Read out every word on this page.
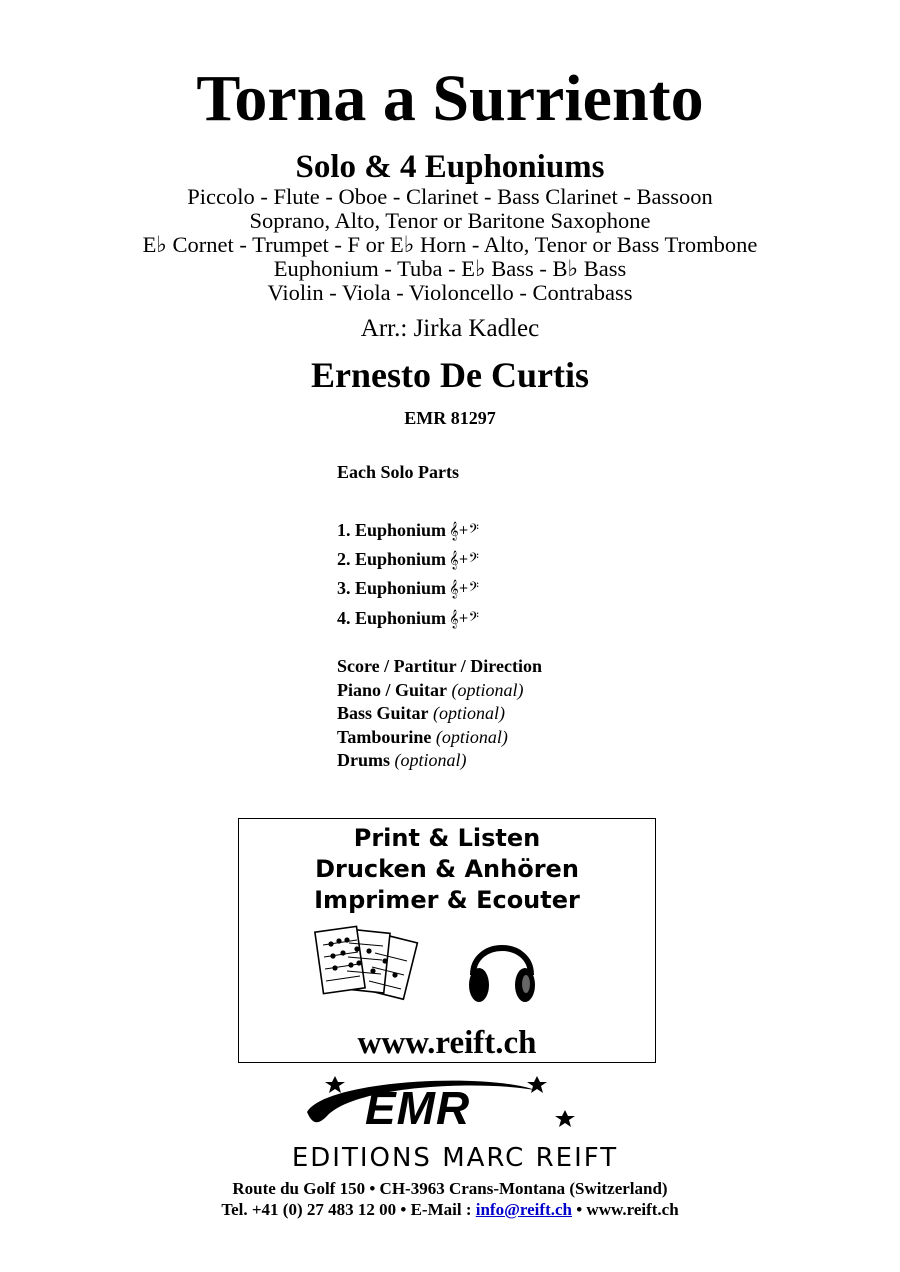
Torna a Surriento
Solo & 4 Euphoniums
Piccolo - Flute - Oboe - Clarinet - Bass Clarinet - Bassoon
Soprano, Alto, Tenor or Baritone Saxophone
E♭ Cornet - Trumpet - F or E♭ Horn - Alto, Tenor or Bass Trombone
Euphonium - Tuba - E♭ Bass - B♭ Bass
Violin - Viola - Violoncello - Contrabass
Arr.: Jirka Kadlec
Ernesto De Curtis
EMR 81297
Each Solo Parts
1. Euphonium 𝄞+𝄢
2. Euphonium 𝄞+𝄢
3. Euphonium 𝄞+𝄢
4. Euphonium 𝄞+𝄢
Score / Partitur / Direction
Piano / Guitar (optional)
Bass Guitar (optional)
Tambourine (optional)
Drums (optional)
Print & Listen
Drucken & Anhören
Imprimer & Ecouter
www.reift.ch
EMR
EDITIONS MARC REIFT
Route du Golf 150 • CH-3963 Crans-Montana (Switzerland)
Tel. +41 (0) 27 483 12 00 • E-Mail : info@reift.ch • www.reift.ch
